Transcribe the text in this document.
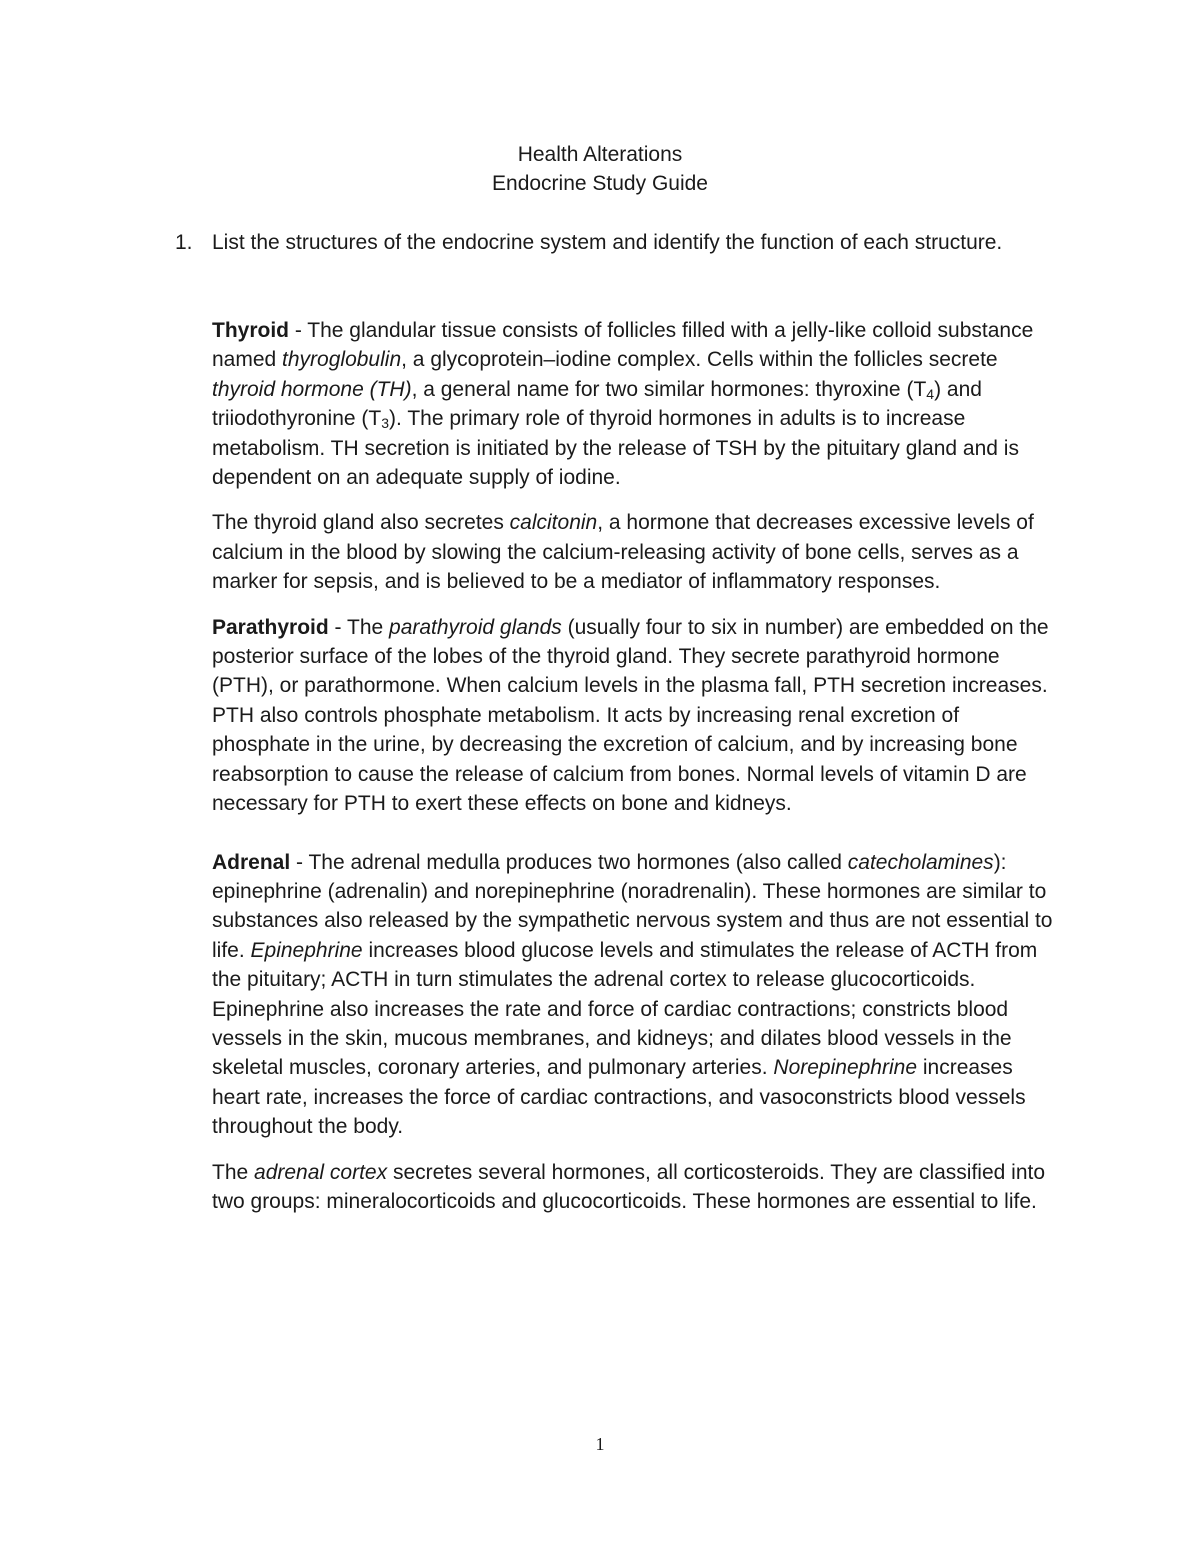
Health Alterations
Endocrine Study Guide
1. List the structures of the endocrine system and identify the function of each structure.

Thyroid - The glandular tissue consists of follicles filled with a jelly-like colloid substance named thyroglobulin, a glycoprotein–iodine complex. Cells within the follicles secrete thyroid hormone (TH), a general name for two similar hormones: thyroxine (T4) and triiodothyronine (T3). The primary role of thyroid hormones in adults is to increase metabolism. TH secretion is initiated by the release of TSH by the pituitary gland and is dependent on an adequate supply of iodine.

The thyroid gland also secretes calcitonin, a hormone that decreases excessive levels of calcium in the blood by slowing the calcium-releasing activity of bone cells, serves as a marker for sepsis, and is believed to be a mediator of inflammatory responses.

Parathyroid - The parathyroid glands (usually four to six in number) are embedded on the posterior surface of the lobes of the thyroid gland. They secrete parathyroid hormone (PTH), or parathormone. When calcium levels in the plasma fall, PTH secretion increases. PTH also controls phosphate metabolism. It acts by increasing renal excretion of phosphate in the urine, by decreasing the excretion of calcium, and by increasing bone reabsorption to cause the release of calcium from bones. Normal levels of vitamin D are necessary for PTH to exert these effects on bone and kidneys.

Adrenal - The adrenal medulla produces two hormones (also called catecholamines): epinephrine (adrenalin) and norepinephrine (noradrenalin). These hormones are similar to substances also released by the sympathetic nervous system and thus are not essential to life. Epinephrine increases blood glucose levels and stimulates the release of ACTH from the pituitary; ACTH in turn stimulates the adrenal cortex to release glucocorticoids. Epinephrine also increases the rate and force of cardiac contractions; constricts blood vessels in the skin, mucous membranes, and kidneys; and dilates blood vessels in the skeletal muscles, coronary arteries, and pulmonary arteries. Norepinephrine increases heart rate, increases the force of cardiac contractions, and vasoconstricts blood vessels throughout the body.

The adrenal cortex secretes several hormones, all corticosteroids. They are classified into two groups: mineralocorticoids and glucocorticoids. These hormones are essential to life.

1
